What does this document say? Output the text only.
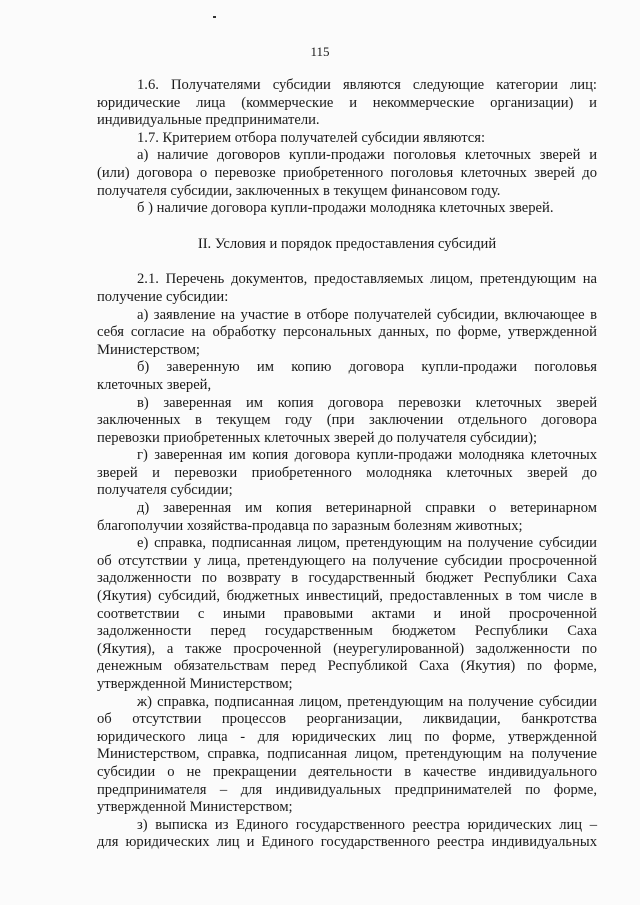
115
1.6. Получателями субсидии являются следующие категории лиц:
юридические лица (коммерческие и некоммерческие организации) и
индивидуальные предприниматели.
1.7. Критерием отбора получателей субсидии являются:
а) наличие договоров купли-продажи поголовья клеточных зверей и
(или) договора о перевозке приобретенного поголовья клеточных зверей до
получателя субсидии, заключенных в текущем финансовом году.
б ) наличие договора купли-продажи молодняка клеточных зверей.
II. Условия и порядок предоставления субсидий
2.1. Перечень документов, предоставляемых лицом, претендующим на
получение субсидии:
а) заявление на участие в отборе получателей субсидии, включающее в
себя согласие на обработку персональных данных, по форме, утвержденной
Министерством;
б) заверенную им копию договора купли-продажи поголовья
клеточных зверей,
в) заверенная им копия договора перевозки клеточных зверей
заключенных в текущем году (при заключении отдельного договора
перевозки приобретенных клеточных зверей до получателя субсидии);
г) заверенная им копия договора купли-продажи молодняка клеточных
зверей и перевозки приобретенного молодняка клеточных зверей до
получателя субсидии;
д) заверенная им копия ветеринарной справки о ветеринарном
благополучии хозяйства-продавца по заразным болезням животных;
е) справка, подписанная лицом, претендующим на получение субсидии
об отсутствии у лица, претендующего на получение субсидии просроченной
задолженности по возврату в государственный бюджет Республики Саха
(Якутия) субсидий, бюджетных инвестиций, предоставленных в том числе в
соответствии с иными правовыми актами и иной просроченной
задолженности перед государственным бюджетом Республики Саха
(Якутия), а также просроченной (неурегулированной) задолженности по
денежным обязательствам перед Республикой Саха (Якутия) по форме,
утвержденной Министерством;
ж) справка, подписанная лицом, претендующим на получение субсидии
об отсутствии процессов реорганизации, ликвидации, банкротства
юридического лица - для юридических лиц по форме, утвержденной
Министерством, справка, подписанная лицом, претендующим на получение
субсидии о не прекращении деятельности в качестве индивидуального
предпринимателя – для индивидуальных предпринимателей по форме,
утвержденной Министерством;
з) выписка из Единого государственного реестра юридических лиц –
для юридических лиц и Единого государственного реестра индивидуальных
